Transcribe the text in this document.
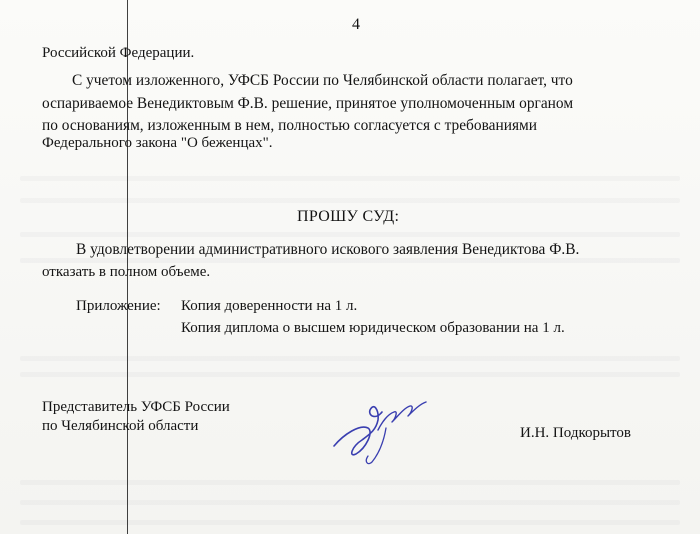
4
Российской Федерации.
С учетом изложенного, УФСБ России по Челябинской области полагает, что
оспариваемое Венедиктовым Ф.В. решение, принятое уполномоченным органом
по основаниям, изложенным в нем, полностью согласуется с требованиями
Федерального закона "О беженцах".
ПРОШУ СУД:
В удовлетворении административного искового заявления Венедиктова Ф.В.
отказать в полном объеме.
Приложение: Копия доверенности на 1 л.
Копия диплома о высшем юридическом образовании на 1 л.
Представитель УФСБ России
по Челябинской области	И.Н. Подкорытов
